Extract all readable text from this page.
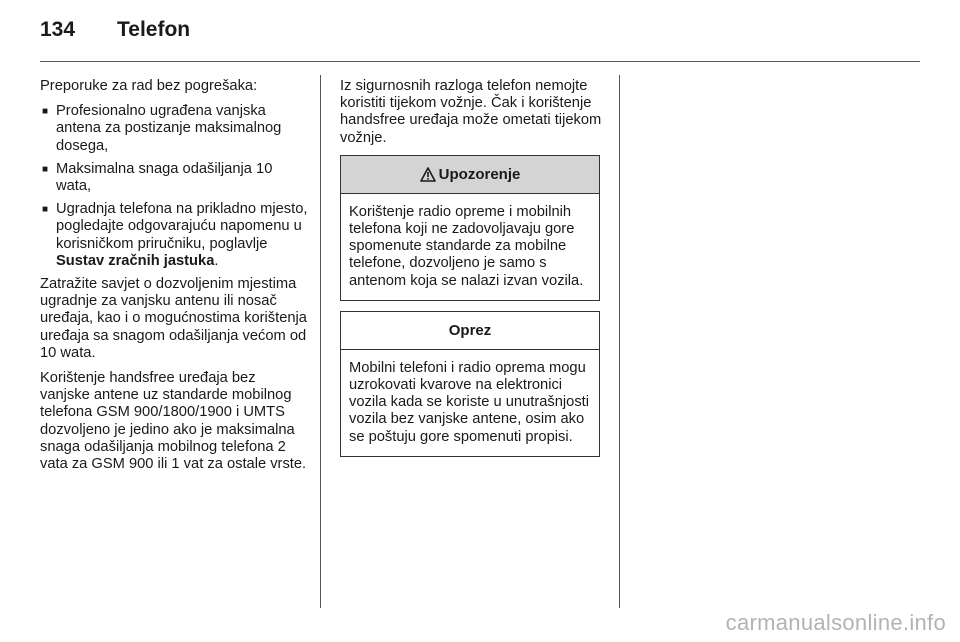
134	Telefon

Preporuke za rad bez pogrešaka:

■ Profesionalno ugrađena vanjska antena za postizanje maksimalnog dosega,
■ Maksimalna snaga odašiljanja 10 wata,
■ Ugradnja telefona na prikladno mjesto, pogledajte odgovarajuću napomenu u korisničkom priručniku, poglavlje Sustav zračnih jastuka.

Zatražite savjet o dozvoljenim mjestima ugradnje za vanjsku antenu ili nosač uređaja, kao i o mogućnostima korištenja uređaja sa snagom odašiljanja većom od 10 wata.

Korištenje handsfree uređaja bez vanjske antene uz standarde mobilnog telefona GSM 900/1800/1900 i UMTS dozvoljeno je jedino ako je maksimalna snaga odašiljanja mobilnog telefona 2 vata za GSM 900 ili 1 vat za ostale vrste.

Iz sigurnosnih razloga telefon nemojte koristiti tijekom vožnje. Čak i korištenje handsfree uređaja može ometati tijekom vožnje.

Upozorenje
Korištenje radio opreme i mobilnih telefona koji ne zadovoljavaju gore spomenute standarde za mobilne telefone, dozvoljeno je samo s antenom koja se nalazi izvan vozila.
Oprez
Mobilni telefoni i radio oprema mogu uzrokovati kvarove na elektronici vozila kada se koriste u unutrašnjosti vozila bez vanjske antene, osim ako se poštuju gore spomenuti propisi.
carmanualsonline.info
